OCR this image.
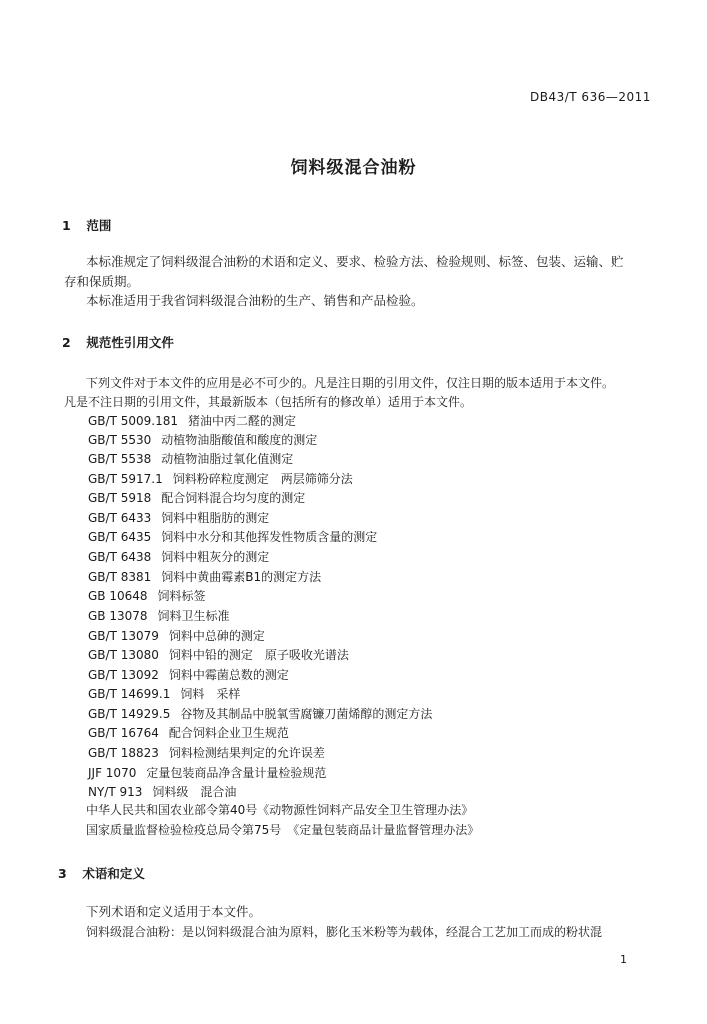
DB43/T 636—2011
饲料级混合油粉
1 范围
本标准规定了饲料级混合油粉的术语和定义、要求、检验方法、检验规则、标签、包装、运输、贮
存和保质期。
本标准适用于我省饲料级混合油粉的生产、销售和产品检验。
2 规范性引用文件
下列文件对于本文件的应用是必不可少的。凡是注日期的引用文件，仅注日期的版本适用于本文件。
凡是不注日期的引用文件，其最新版本（包括所有的修改单）适用于本文件。
GB/T 5009.181 猪油中丙二醛的测定
GB/T 5530 动植物油脂酸值和酸度的测定
GB/T 5538 动植物油脂过氧化值测定
GB/T 5917.1 饲料粉碎粒度测定　两层筛筛分法
GB/T 5918 配合饲料混合均匀度的测定
GB/T 6433 饲料中粗脂肪的测定
GB/T 6435 饲料中水分和其他挥发性物质含量的测定
GB/T 6438 饲料中粗灰分的测定
GB/T 8381 饲料中黄曲霉素B1的测定方法
GB 10648 饲料标签
GB 13078 饲料卫生标准
GB/T 13079 饲料中总砷的测定
GB/T 13080 饲料中铅的测定　原子吸收光谱法
GB/T 13092 饲料中霉菌总数的测定
GB/T 14699.1 饲料　采样
GB/T 14929.5 谷物及其制品中脱氧雪腐镰刀菌烯醇的测定方法
GB/T 16764 配合饲料企业卫生规范
GB/T 18823 饲料检测结果判定的允许误差
JJF 1070 定量包装商品净含量计量检验规范
NY/T 913 饲料级　混合油
中华人民共和国农业部令第40号《动物源性饲料产品安全卫生管理办法》
国家质量监督检验检疫总局令第75号　《定量包装商品计量监督管理办法》
3 术语和定义
下列术语和定义适用于本文件。
饲料级混合油粉：是以饲料级混合油为原料，膨化玉米粉等为载体，经混合工艺加工而成的粉状混
1
